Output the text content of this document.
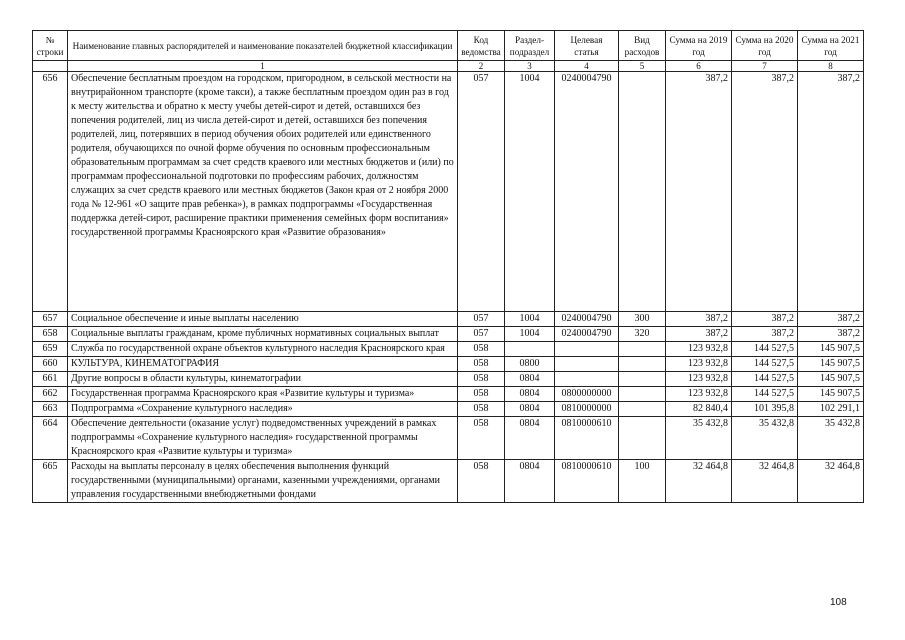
№ строки	Наименование главных распорядителей и наименование показателей бюджетной классификации	Код ведомства	Раздел-подраздел	Целевая статья	Вид расходов	Сумма на 2019 год	Сумма на 2020 год	Сумма на 2021 год
	1	2	3	4	5	6	7	8
656	Обеспечение бесплатным проездом на городском, пригородном, в сельской местности на внутрирайонном транспорте (кроме такси), а также бесплатным проездом один раз в год к месту жительства и обратно к месту учебы детей-сирот и детей, оставшихся без попечения родителей, лиц из числа детей-сирот и детей, оставшихся без попечения родителей, лиц, потерявших в период обучения обоих родителей или единственного родителя, обучающихся по очной форме обучения по основным профессиональным образовательным программам за счет средств краевого или местных бюджетов и (или) по программам профессиональной подготовки по профессиям рабочих, должностям служащих за счет средств краевого или местных бюджетов (Закон края от 2 ноября 2000 года № 12-961 «О защите прав ребенка»), в рамках подпрограммы «Государственная поддержка детей-сирот, расширение практики применения семейных форм воспитания» государственной программы Красноярского края «Развитие образования»	057	1004	0240004790		387,2	387,2	387,2
657	Социальное обеспечение и иные выплаты населению	057	1004	0240004790	300	387,2	387,2	387,2
658	Социальные выплаты гражданам, кроме публичных нормативных социальных выплат	057	1004	0240004790	320	387,2	387,2	387,2
659	Служба по государственной охране объектов культурного наследия Красноярского края	058				123 932,8	144 527,5	145 907,5
660	КУЛЬТУРА, КИНЕМАТОГРАФИЯ	058	0800			123 932,8	144 527,5	145 907,5
661	Другие вопросы в области культуры, кинематографии	058	0804			123 932,8	144 527,5	145 907,5
662	Государственная программа Красноярского края «Развитие культуры и туризма»	058	0804	0800000000		123 932,8	144 527,5	145 907,5
663	Подпрограмма «Сохранение культурного наследия»	058	0804	0810000000		82 840,4	101 395,8	102 291,1
664	Обеспечение деятельности (оказание услуг) подведомственных учреждений в рамках подпрограммы «Сохранение культурного наследия» государственной программы Красноярского края «Развитие культуры и туризма»	058	0804	0810000610		35 432,8	35 432,8	35 432,8
665	Расходы на выплаты персоналу в целях обеспечения выполнения функций государственными (муниципальными) органами, казенными учреждениями, органами управления государственными внебюджетными фондами	058	0804	0810000610	100	32 464,8	32 464,8	32 464,8
108
